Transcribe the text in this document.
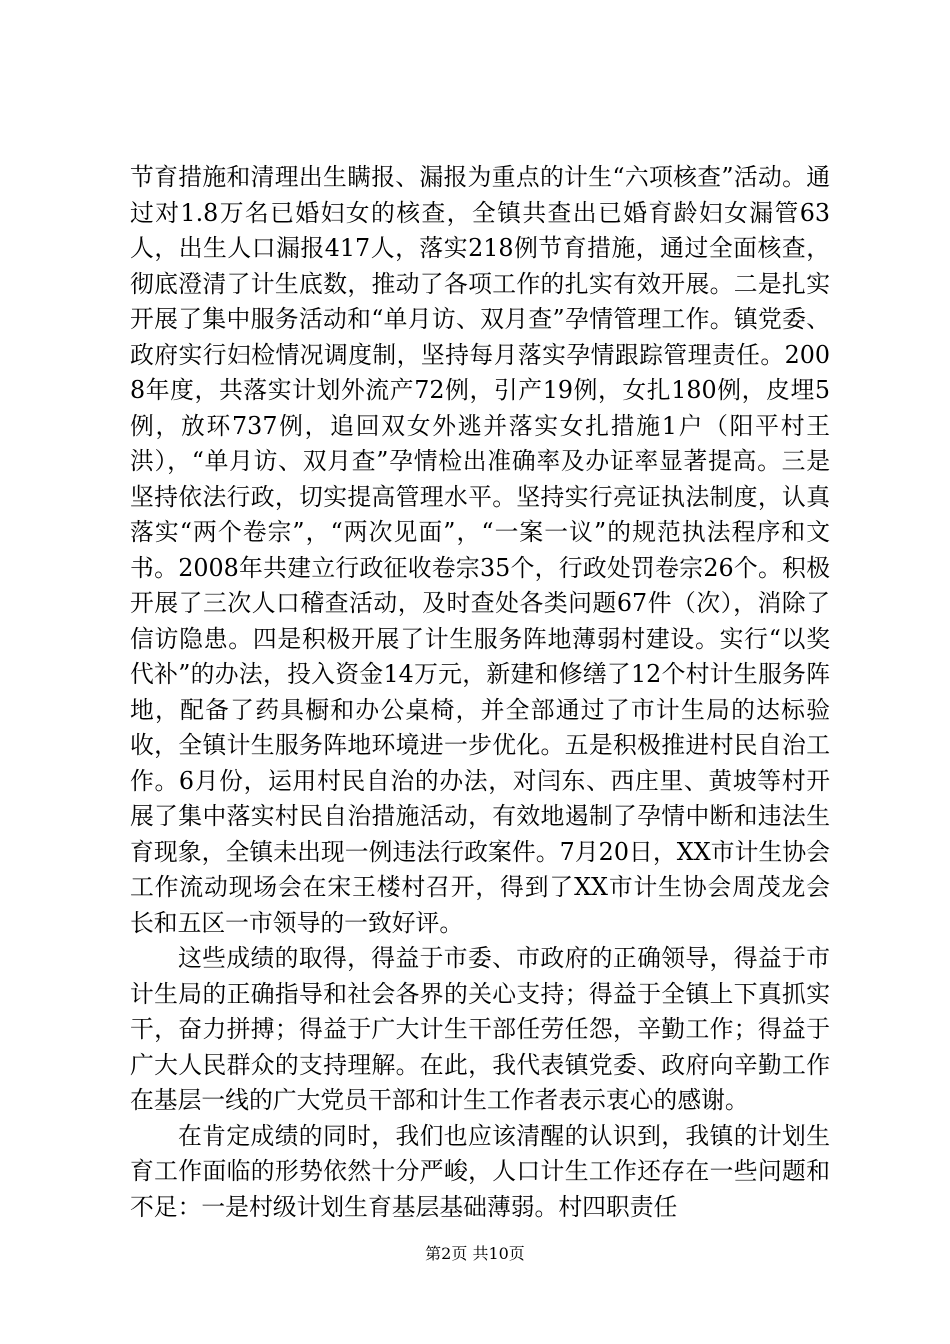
节育措施和清理出生瞒报、漏报为重点的计生“六项核查”活动。通过对1.8万名已婚妇女的核查，全镇共查出已婚育龄妇女漏管63人，出生人口漏报417人，落实218例节育措施，通过全面核查，彻底澄清了计生底数，推动了各项工作的扎实有效开展。二是扎实开展了集中服务活动和“单月访、双月查”孕情管理工作。镇党委、政府实行妇检情况调度制，坚持每月落实孕情跟踪管理责任。2008年度，共落实计划外流产72例，引产19例，女扎180例，皮埋5例，放环737例，追回双女外逃并落实女扎措施1户（阳平村王洪），“单月访、双月查”孕情检出准确率及办证率显著提高。三是坚持依法行政，切实提高管理水平。坚持实行亮证执法制度，认真落实“两个卷宗”，“两次见面”，“一案一议”的规范执法程序和文书。2008年共建立行政征收卷宗35个，行政处罚卷宗26个。积极开展了三次人口稽查活动，及时查处各类问题67件（次），消除了信访隐患。四是积极开展了计生服务阵地薄弱村建设。实行“以奖代补”的办法，投入资金14万元，新建和修缮了12个村计生服务阵地，配备了药具橱和办公桌椅，并全部通过了市计生局的达标验收，全镇计生服务阵地环境进一步优化。五是积极推进村民自治工作。6月份，运用村民自治的办法，对闫东、西庄里、黄坡等村开展了集中落实村民自治措施活动，有效地遏制了孕情中断和违法生育现象，全镇未出现一例违法行政案件。7月20日，XX市计生协会工作流动现场会在宋王楼村召开，得到了XX市计生协会周茂龙会长和五区一市领导的一致好评。

这些成绩的取得，得益于市委、市政府的正确领导，得益于市计生局的正确指导和社会各界的关心支持；得益于全镇上下真抓实干，奋力拼搏；得益于广大计生干部任劳任怨，辛勤工作；得益于广大人民群众的支持理解。在此，我代表镇党委、政府向辛勤工作在基层一线的广大党员干部和计生工作者表示衷心的感谢。

在肯定成绩的同时，我们也应该清醒的认识到，我镇的计划生育工作面临的形势依然十分严峻，人口计生工作还存在一些问题和不足：一是村级计划生育基层基础薄弱。村四职责任

第2页 共10页
